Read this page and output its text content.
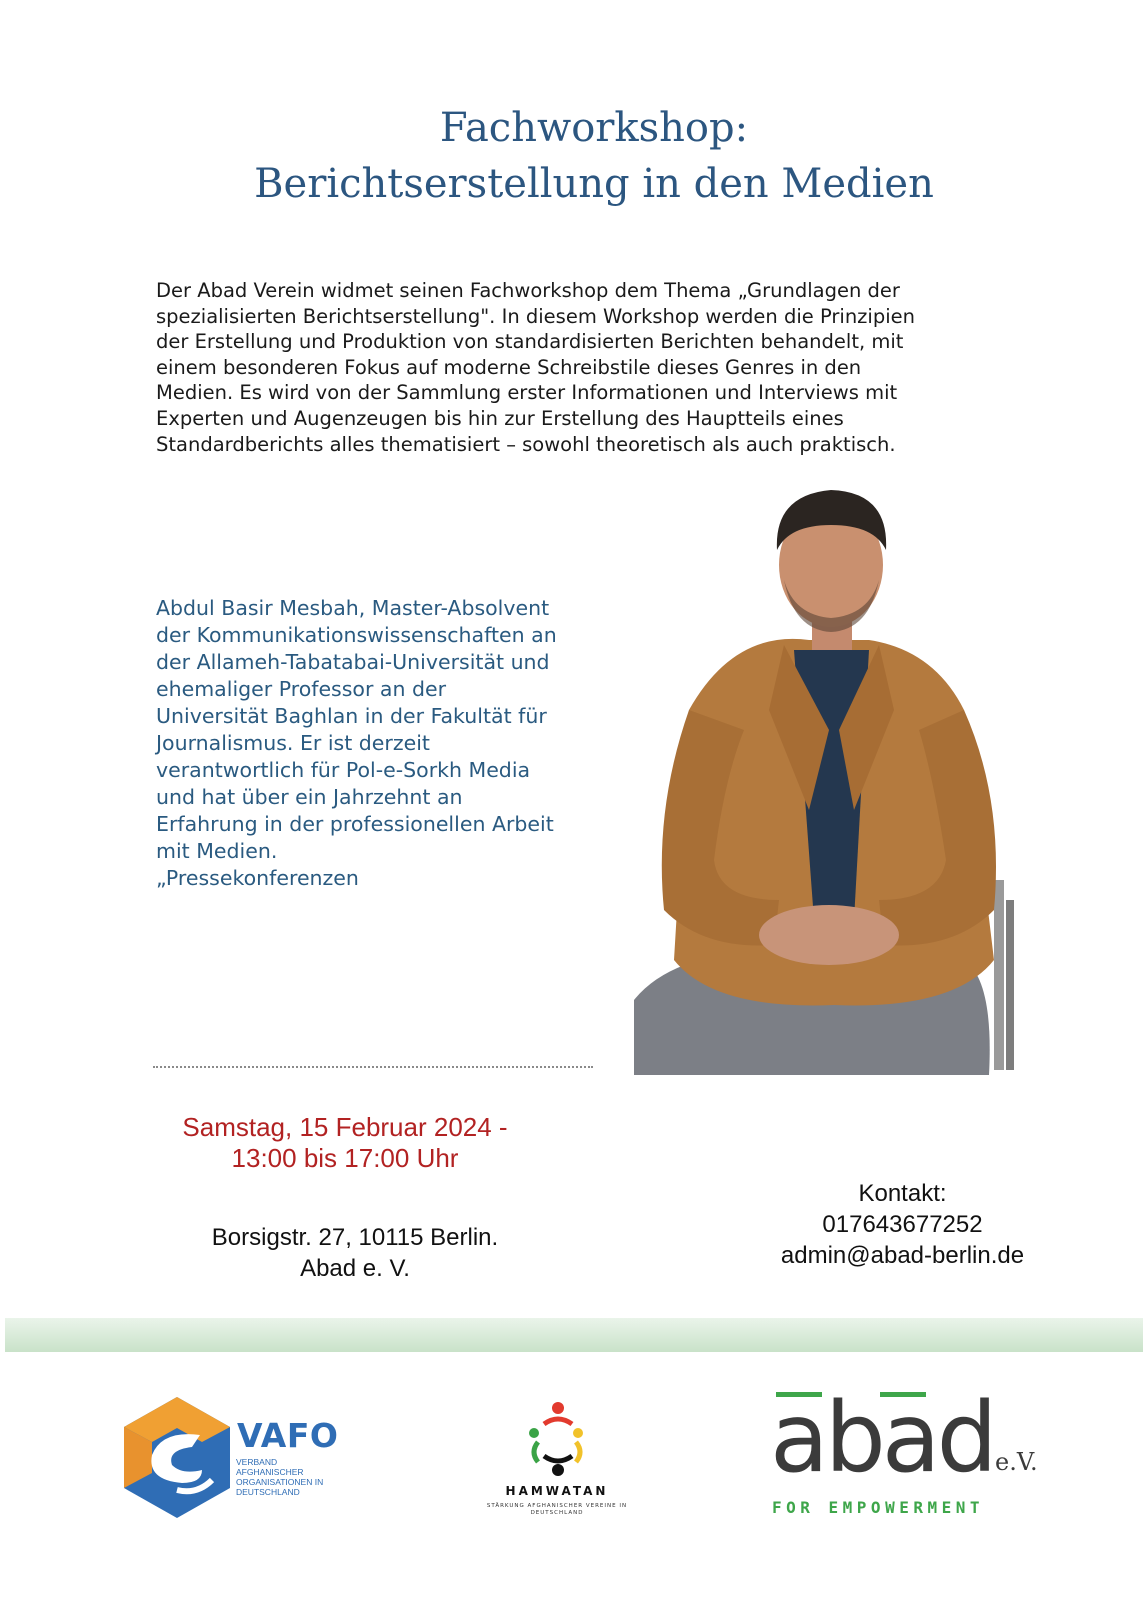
Fachworkshop:
Berichtserstellung in den Medien

Der Abad Verein widmet seinen Fachworkshop dem Thema „Grundlagen der
spezialisierten Berichtserstellung". In diesem Workshop werden die Prinzipien
der Erstellung und Produktion von standardisierten Berichten behandelt, mit
einem besonderen Fokus auf moderne Schreibstile dieses Genres in den
Medien. Es wird von der Sammlung erster Informationen und Interviews mit
Experten und Augenzeugen bis hin zur Erstellung des Hauptteils eines
Standardberichts alles thematisiert – sowohl theoretisch als auch praktisch.

Abdul Basir Mesbah, Master-Absolvent
der Kommunikationswissenschaften an
der Allameh-Tabatabai-Universität und
ehemaliger Professor an der
Universität Baghlan in der Fakultät für
Journalismus. Er ist derzeit
verantwortlich für Pol-e-Sorkh Media
und hat über ein Jahrzehnt an
Erfahrung in der professionellen Arbeit
mit Medien.
„Pressekonferenzen

Samstag, 15 Februar 2024 -
13:00 bis 17:00 Uhr

Borsigstr. 27, 10115 Berlin.
Abad e. V.

Kontakt:
017643677252
admin@abad-berlin.de

VAFO
VERBAND AFGHANISCHER ORGANISATIONEN IN DEUTSCHLAND	HAMWATAN
STÄRKUNG AFGHANISCHER VEREINE IN DEUTSCHLAND
abad e.V.
FOR EMPOWERMENT
